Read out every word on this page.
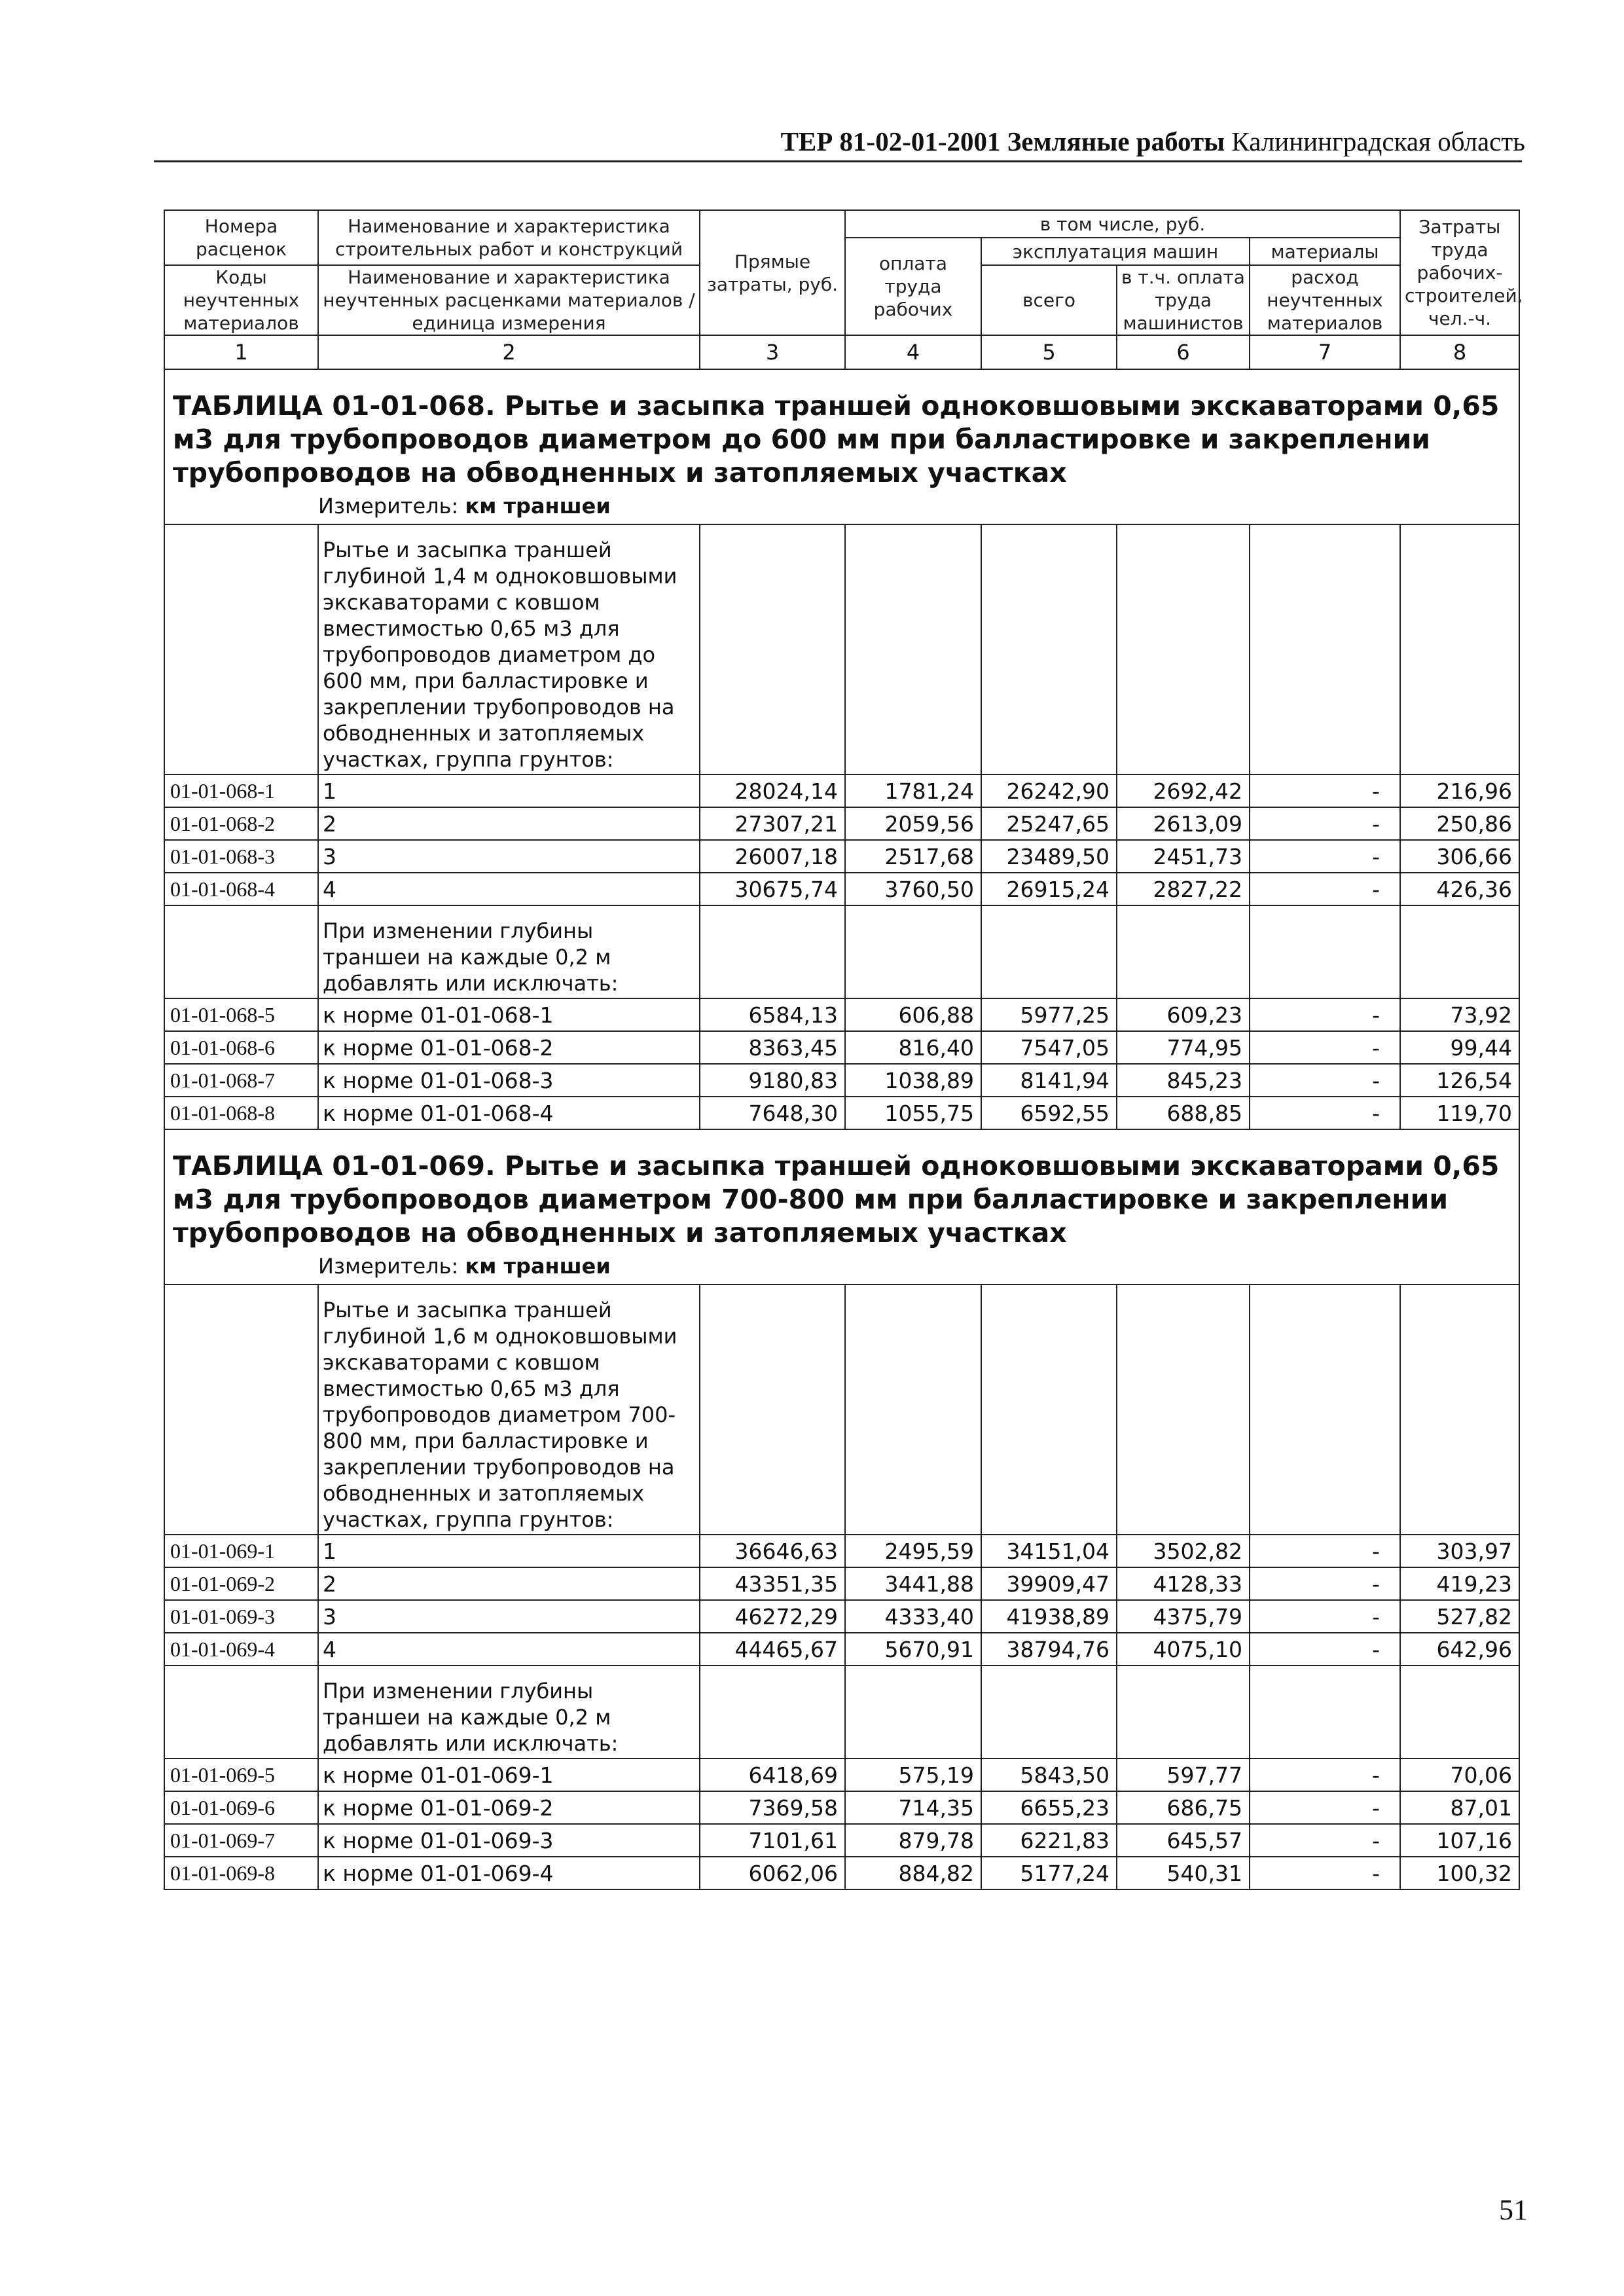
ТЕР 81-02-01-2001 Земляные работы Калининградская область
Номера расценок	Наименование и характеристика строительных работ и конструкций	Прямые затраты, руб.	в том числе, руб.				Затраты труда рабочих-строителей, чел.-ч.
			оплата труда рабочих	эксплуатация машин		материалы	
Коды неучтенных материалов	Наименование и характеристика неучтенных расценками материалов / единица измерения			всего	в т.ч. оплата труда машинистов	расход неучтенных материалов	

1	2	3	4	5	6	7	8
ТАБЛИЦА 01-01-068. Рытье и засыпка траншей одноковшовыми экскаваторами 0,65 м3 для трубопроводов диаметром до 600 мм при балластировке и закреплении трубопроводов на обводненных и затопляемых участках							
	Измеритель: км траншеи						
	Рытье и засыпка траншей глубиной 1,4 м одноковшовыми экскаваторами с ковшом вместимостью 0,65 м3 для трубопроводов диаметром до 600 мм, при балластировке и закреплении трубопроводов на обводненных и затопляемых участках, группа грунтов:						
01-01-068-1	1	28024,14	1781,24	26242,90	2692,42	-	216,96
01-01-068-2	2	27307,21	2059,56	25247,65	2613,09	-	250,86
01-01-068-3	3	26007,18	2517,68	23489,50	2451,73	-	306,66
01-01-068-4	4	30675,74	3760,50	26915,24	2827,22	-	426,36
	При изменении глубины траншеи на каждые 0,2 м добавлять или исключать:						
01-01-068-5	к норме 01-01-068-1	6584,13	606,88	5977,25	609,23	-	73,92
01-01-068-6	к норме 01-01-068-2	8363,45	816,40	7547,05	774,95	-	99,44
01-01-068-7	к норме 01-01-068-3	9180,83	1038,89	8141,94	845,23	-	126,54
01-01-068-8	к норме 01-01-068-4	7648,30	1055,75	6592,55	688,85	-	119,70
ТАБЛИЦА 01-01-069. Рытье и засыпка траншей одноковшовыми экскаваторами 0,65 м3 для трубопроводов диаметром 700-800 мм при балластировке и закреплении трубопроводов на обводненных и затопляемых участках							
	Измеритель: км траншеи						
	Рытье и засыпка траншей глубиной 1,6 м одноковшовыми экскаваторами с ковшом вместимостью 0,65 м3 для трубопроводов диаметром 700-800 мм, при балластировке и закреплении трубопроводов на обводненных и затопляемых участках, группа грунтов:						
01-01-069-1	1	36646,63	2495,59	34151,04	3502,82	-	303,97
01-01-069-2	2	43351,35	3441,88	39909,47	4128,33	-	419,23
01-01-069-3	3	46272,29	4333,40	41938,89	4375,79	-	527,82
01-01-069-4	4	44465,67	5670,91	38794,76	4075,10	-	642,96
	При изменении глубины траншеи на каждые 0,2 м добавлять или исключать:						
01-01-069-5	к норме 01-01-069-1	6418,69	575,19	5843,50	597,77	-	70,06
01-01-069-6	к норме 01-01-069-2	7369,58	714,35	6655,23	686,75	-	87,01
01-01-069-7	к норме 01-01-069-3	7101,61	879,78	6221,83	645,57	-	107,16
01-01-069-8	к норме 01-01-069-4	6062,06	884,82	5177,24	540,31	-	100,32
51
